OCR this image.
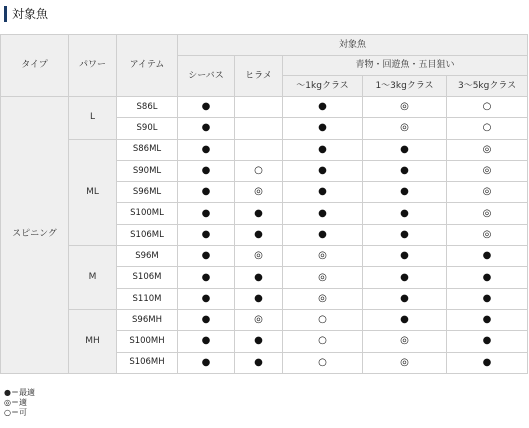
対象魚
タイプ	パワー	アイテム	対象魚				
			シーバス	ヒラメ	青物・回遊魚・五目狙い		
					〜1kgクラス	1〜3kgクラス	3〜5kgクラス
スピニング	L	S86L	●		●	◎	○
		S90L	●		●	◎	○
	ML	S86ML	●		●	●	◎
		S90ML	●	○	●	●	◎
		S96ML	●	◎	●	●	◎
		S100ML	●	●	●	●	◎
		S106ML	●	●	●	●	◎
	M	S96M	●	◎	◎	●	●
		S106M	●	●	◎	●	●
		S110M	●	●	◎	●	●
	MH	S96MH	●	◎	○	●	●
		S100MH	●	●	○	◎	●
		S106MH	●	●	○	◎	●
●＝最適
◎＝適
○＝可
